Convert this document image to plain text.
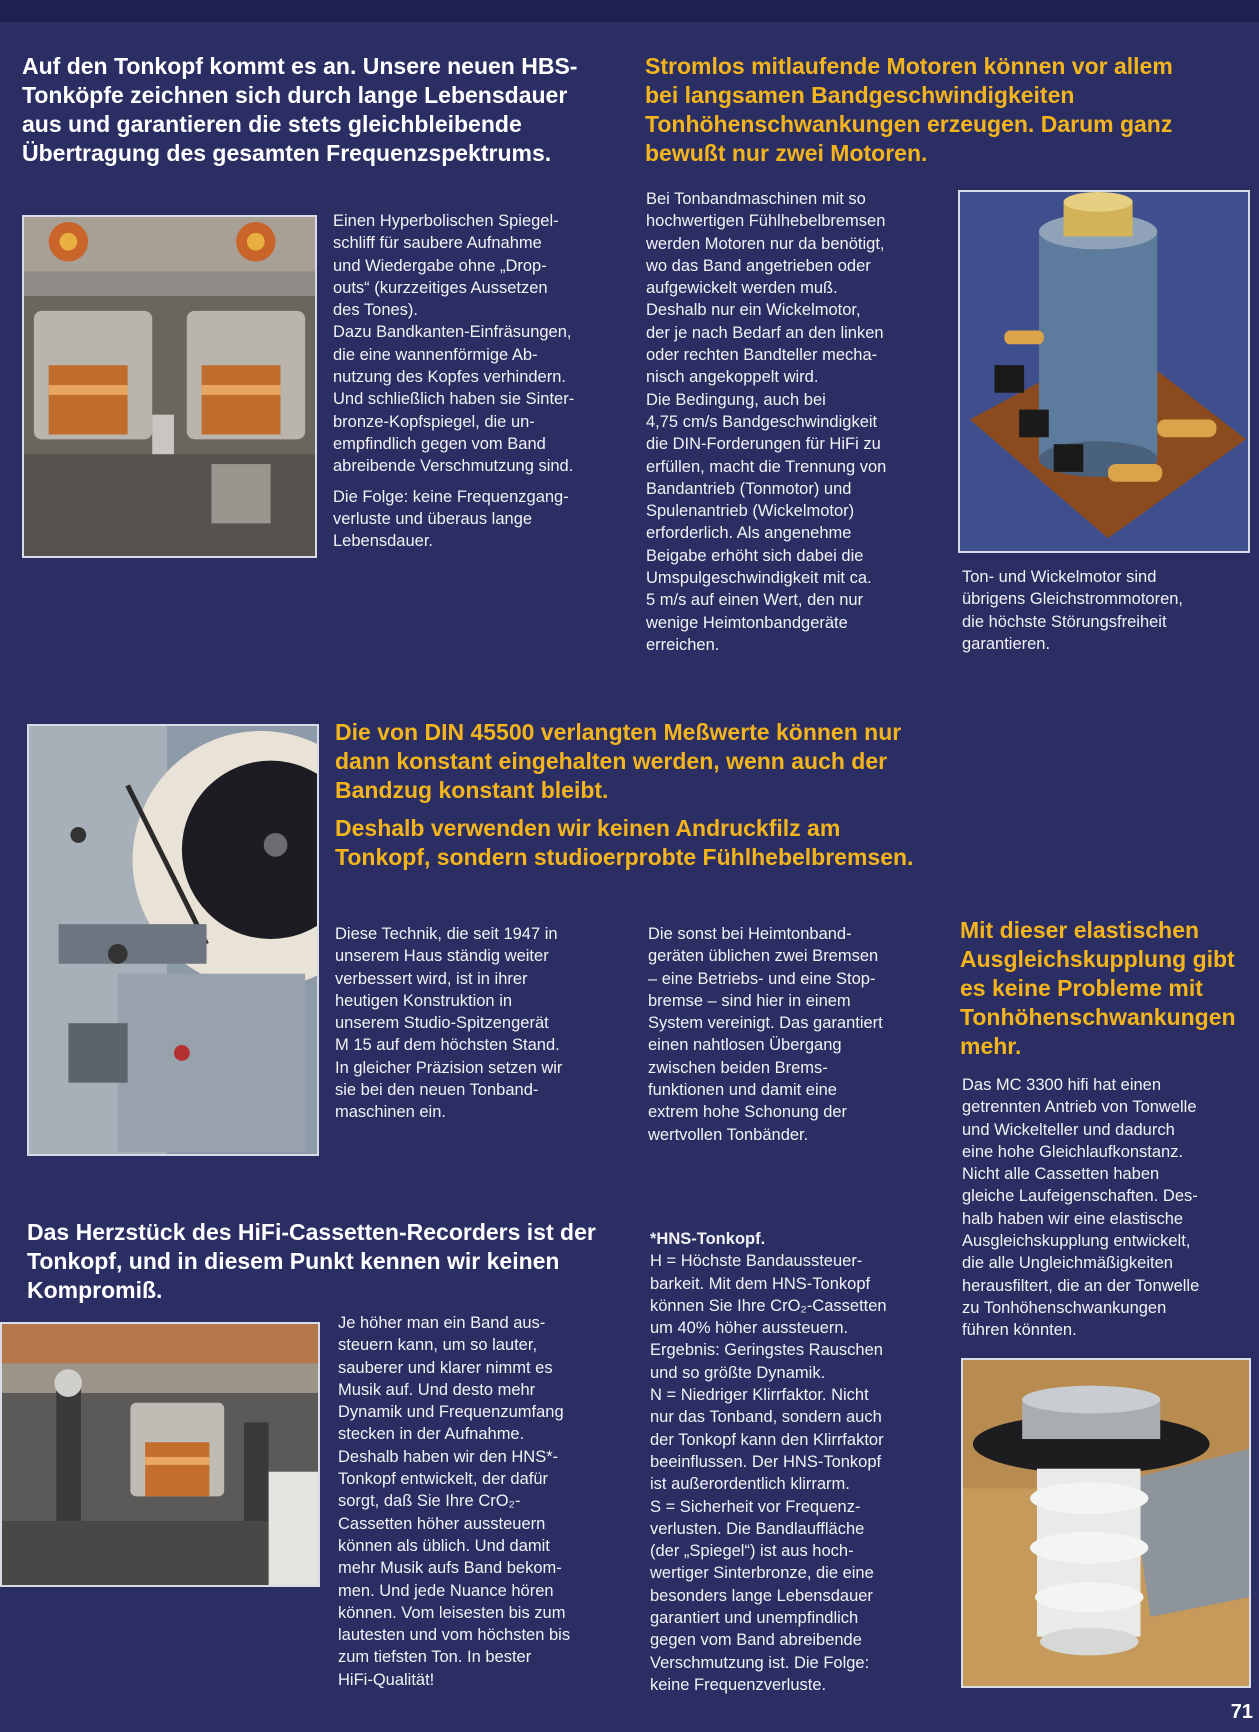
Auf den Tonkopf kommt es an. Unsere neuen HBS-Tonköpfe zeichnen sich durch lange Lebensdauer aus und garantieren die stets gleichbleibende Übertragung des gesamten Frequenzspektrums.

Einen Hyperbolischen Spiegel-
schliff für saubere Aufnahme
und Wiedergabe ohne „Drop-
outs“ (kurzzeitiges Aussetzen
des Tones).
Dazu Bandkanten-Einfräsungen,
die eine wannenförmige Ab-
nutzung des Kopfes verhindern.
Und schließlich haben sie Sinter-
bronze-Kopfspiegel, die un-
empfindlich gegen vom Band
abreibende Verschmutzung sind.

Die Folge: keine Frequenzgang-
verluste und überaus lange
Lebensdauer.

Stromlos mitlaufende Motoren können vor allem bei langsamen Bandgeschwindigkeiten Tonhöhenschwankungen erzeugen. Darum ganz bewußt nur zwei Motoren.

Bei Tonbandmaschinen mit so
hochwertigen Fühlhebelbremsen
werden Motoren nur da benötigt,
wo das Band angetrieben oder
aufgewickelt werden muß.
Deshalb nur ein Wickelmotor,
der je nach Bedarf an den linken
oder rechten Bandteller mecha-
nisch angekoppelt wird.
Die Bedingung, auch bei
4,75 cm/s Bandgeschwindigkeit
die DIN-Forderungen für HiFi zu
erfüllen, macht die Trennung von
Bandantrieb (Tonmotor) und
Spulenantrieb (Wickelmotor)
erforderlich. Als angenehme
Beigabe erhöht sich dabei die
Umspulgeschwindigkeit mit ca.
5 m/s auf einen Wert, den nur
wenige Heimtonbandgeräte
erreichen.

Ton- und Wickelmotor sind
übrigens Gleichstrommotoren,
die höchste Störungsfreiheit
garantieren.

Die von DIN 45500 verlangten Meßwerte können nur dann konstant eingehalten werden, wenn auch der Bandzug konstant bleibt.

Deshalb verwenden wir keinen Andruckfilz am Tonkopf, sondern studioerprobte Fühlhebelbremsen.

Diese Technik, die seit 1947 in
unserem Haus ständig weiter
verbessert wird, ist in ihrer
heutigen Konstruktion in
unserem Studio-Spitzengerät
M 15 auf dem höchsten Stand.
In gleicher Präzision setzen wir
sie bei den neuen Tonband-
maschinen ein.

Die sonst bei Heimtonband-
geräten üblichen zwei Bremsen
– eine Betriebs- und eine Stop-
bremse – sind hier in einem
System vereinigt. Das garantiert
einen nahtlosen Übergang
zwischen beiden Brems-
funktionen und damit eine
extrem hohe Schonung der
wertvollen Tonbänder.

Mit dieser elastischen Ausgleichskupplung gibt es keine Probleme mit Tonhöhenschwankungen mehr.

Das MC 3300 hifi hat einen
getrennten Antrieb von Tonwelle
und Wickelteller und dadurch
eine hohe Gleichlaufkonstanz.
Nicht alle Cassetten haben
gleiche Laufeigenschaften. Des-
halb haben wir eine elastische
Ausgleichskupplung entwickelt,
die alle Ungleichmäßigkeiten
herausfiltert, die an der Tonwelle
zu Tonhöhenschwankungen
führen könnten.

Das Herzstück des HiFi-Cassetten-Recorders ist der Tonkopf, und in diesem Punkt kennen wir keinen Kompromiß.

Je höher man ein Band aus-
steuern kann, um so lauter,
sauberer und klarer nimmt es
Musik auf. Und desto mehr
Dynamik und Frequenzumfang
stecken in der Aufnahme.
Deshalb haben wir den HNS*-
Tonkopf entwickelt, der dafür
sorgt, daß Sie Ihre CrO₂-
Cassetten höher aussteuern
können als üblich. Und damit
mehr Musik aufs Band bekom-
men. Und jede Nuance hören
können. Vom leisesten bis zum
lautesten und vom höchsten bis
zum tiefsten Ton. In bester
HiFi-Qualität!

*HNS-Tonkopf.

H = Höchste Bandaussteuer-
barkeit. Mit dem HNS-Tonkopf
können Sie Ihre CrO₂-Cassetten
um 40% höher aussteuern.
Ergebnis: Geringstes Rauschen
und so größte Dynamik.
N = Niedriger Klirrfaktor. Nicht
nur das Tonband, sondern auch
der Tonkopf kann den Klirrfaktor
beeinflussen. Der HNS-Tonkopf
ist außerordentlich klirrarm.
S = Sicherheit vor Frequenz-
verlusten. Die Bandlauffläche
(der „Spiegel“) ist aus hoch-
wertiger Sinterbronze, die eine
besonders lange Lebensdauer
garantiert und unempfindlich
gegen vom Band abreibende
Verschmutzung ist. Die Folge:
keine Frequenzverluste.

71
